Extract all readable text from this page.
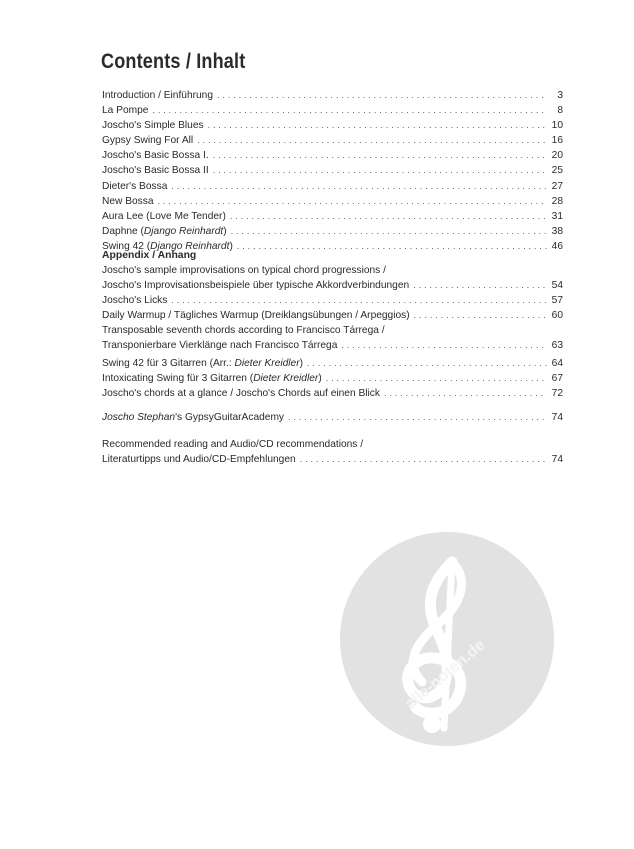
Contents / Inhalt
Introduction / Einführung . . .	3
La Pompe . . .	8
Joscho's Simple Blues . . .	10
Gypsy Swing For All . . .	16
Joscho's Basic Bossa I. . . .	20
Joscho's Basic Bossa II . . .	25
Dieter's Bossa . . .	27
New Bossa . . .	28
Aura Lee (Love Me Tender) . . .	31
Daphne (Django Reinhardt) . . .	38
Swing 42 (Django Reinhardt) . . .	46
Appendix / Anhang
Joscho's sample improvisations on typical chord progressions /
Joscho's Improvisationsbeispiele über typische Akkordverbindungen . . .	54
Joscho's Licks . . .	57
Daily Warmup / Tägliches Warmup (Dreiklangsübungen / Arpeggios) . . .	60
Transposable seventh chords according to Francisco Tárrega /
Transponierbare Vierklänge nach Francisco Tárrega . . .	63
Swing 42 für 3 Gitarren (Arr.: Dieter Kreidler) . . .	64
Intoxicating Swing für 3 Gitarren (Dieter Kreidler) . . .	67
Joscho's chords at a glance / Joscho's Chords auf einen Blick . . .	72
Joscho Stephan's GypsyGuitarAcademy . . .	74
Recommended reading and Audio/CD recommendations /
Literaturtipps und Audio/CD-Empfehlungen . . .	74
alle-noten.de
